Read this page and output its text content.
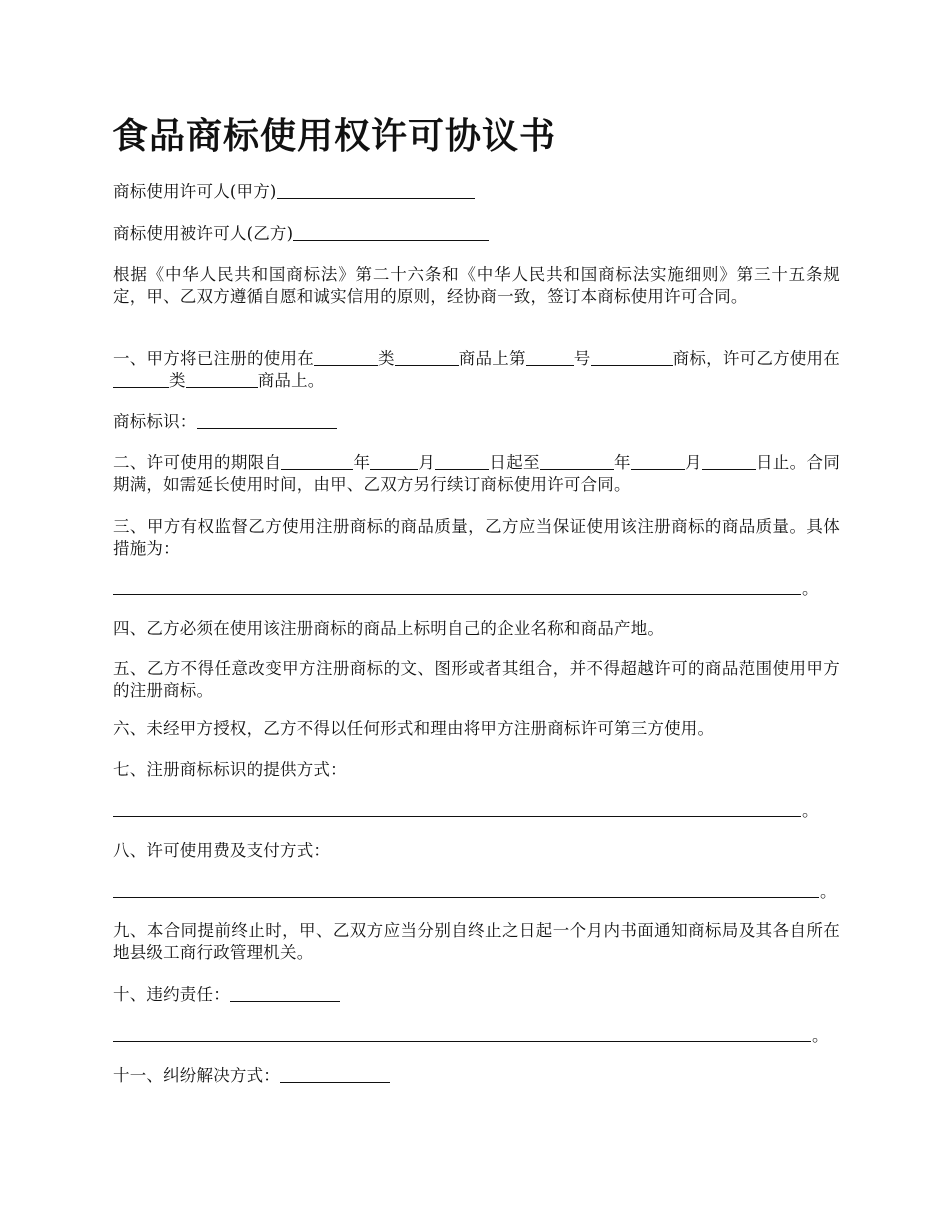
食品商标使用权许可协议书

商标使用许可人(甲方)

商标使用被许可人(乙方)

根据《中华人民共和国商标法》第二十六条和《中华人民共和国商标法实施细则》第三十五条规定，甲、乙双方遵循自愿和诚实信用的原则，经协商一致，签订本商标使用许可合同。

一、甲方将已注册的使用在	类	商品上第	号	商标，许可乙方使用在类	商品上。

商标标识：

二、许可使用的期限自	年	月	日起至	年	月	日止。合同期满，如需延长使用时间，由甲、乙双方另行续订商标使用许可合同。

三、甲方有权监督乙方使用注册商标的商品质量，乙方应当保证使用该注册商标的商品质量。具体措施为：

。

四、乙方必须在使用该注册商标的商品上标明自己的企业名称和商品产地。

五、乙方不得任意改变甲方注册商标的文、图形或者其组合，并不得超越许可的商品范围使用甲方的注册商标。

六、未经甲方授权，乙方不得以任何形式和理由将甲方注册商标许可第三方使用。

七、注册商标标识的提供方式：

。

八、许可使用费及支付方式：

。

九、本合同提前终止时，甲、乙双方应当分别自终止之日起一个月内书面通知商标局及其各自所在地县级工商行政管理机关。

十、违约责任：

。

十一、纠纷解决方式：
